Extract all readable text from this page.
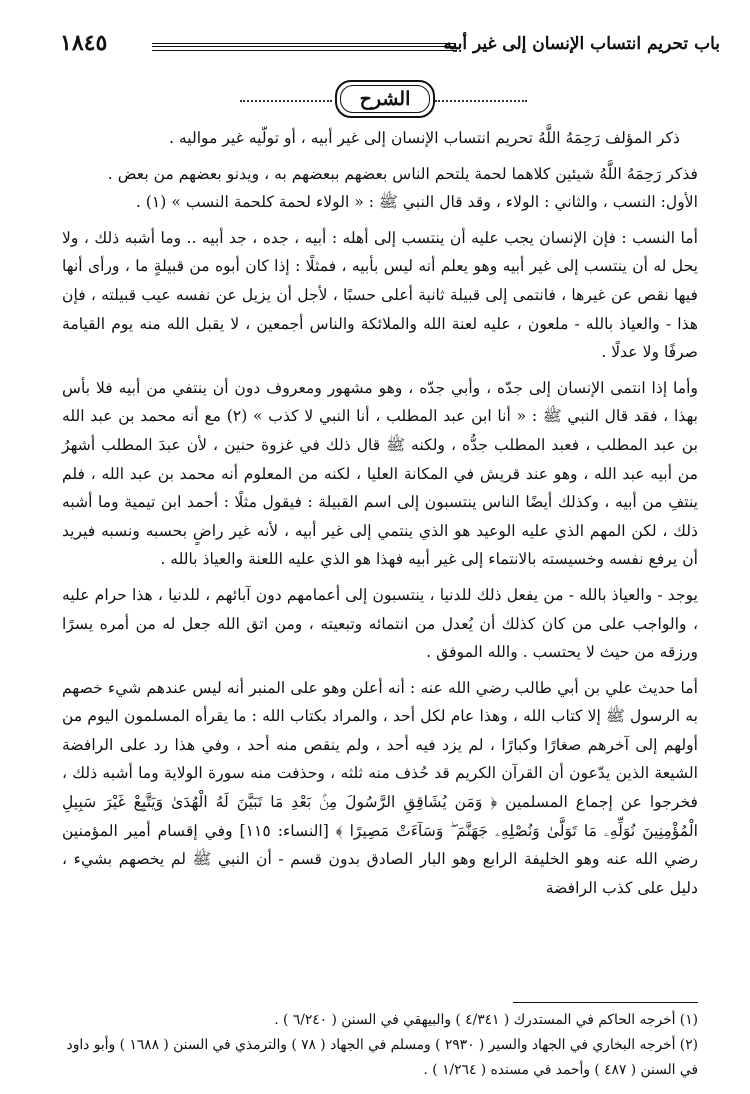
باب تحريم انتساب الإنسان إلى غير أبيه
١٨٤٥
الشرح

ذكر المؤلف رَحِمَهُ اللَّهُ تحريم انتساب الإنسان إلى غير أبيه ، أو تولّيه غير مواليه .

فذكر رَحِمَهُ اللَّهُ شيئين كلاهما لحمة يلتحم الناس بعضهم ببعضهم به ، ويدنو بعضهم من بعض .

الأول: النسب ، والثاني : الولاء ، وقد قال النبي ﷺ : « الولاء لحمة كلحمة النسب » (١) .

أما النسب : فإن الإنسان يجب عليه أن ينتسب إلى أهله : أبيه ، جده ، جد أبيه .. وما أشبه ذلك ، ولا يحل له أن ينتسب إلى غير أبيه وهو يعلم أنه ليس بأبيه ، فمثلًا : إذا كان أبوه من قبيلةٍ ما ، ورأى أنها فيها نقص عن غيرها ، فانتمى إلى قبيلة ثانية أعلى حسبًا ، لأجل أن يزيل عن نفسه عيب قبيلته ، فإن هذا - والعياذ بالله - ملعون ، عليه لعنة الله والملائكة والناس أجمعين ، لا يقبل الله منه يوم القيامة صرفًا ولا عدلًا .

وأما إذا انتمى الإنسان إلى جدّه ، وأبي جدّه ، وهو مشهور ومعروف دون أن ينتفي من أبيه فلا بأس بهذا ، فقد قال النبي ﷺ : « أنا ابن عبد المطلب ، أنا النبي لا كذب » (٢) مع أنه محمد بن عبد الله بن عبد المطلب ، فعبد المطلب جدُّه ، ولكنه ﷺ قال ذلك في غزوة حنين ، لأن عبدَ المطلب أشهرُ من أبيه عبد الله ، وهو عند قريش في المكانة العليا ، لكنه من المعلوم أنه محمد بن عبد الله ، فلم ينتفِ من أبيه ، وكذلك أيضًا الناس ينتسبون إلى اسم القبيلة : فيقول مثلًا : أحمد ابن تيمية وما أشبه ذلك ، لكن المهم الذي عليه الوعيد هو الذي ينتمي إلى غير أبيه ، لأنه غير راضٍ بحسبه ونسبه فيريد أن يرفع نفسه وخسيسته بالانتماء إلى غير أبيه فهذا هو الذي عليه اللعنة والعياذ بالله .

يوجد - والعياذ بالله - من يفعل ذلك للدنيا ، ينتسبون إلى أعمامهم دون آبائهم ، للدنيا ، هذا حرام عليه ، والواجب على من كان كذلك أن يُعدل من انتمائه وتبعيته ، ومن اتق الله جعل له من أمره يسرًا ورزقه من حيث لا يحتسب . والله الموفق .

أما حديث علي بن أبي طالب رضي الله عنه : أنه أعلن وهو على المنبر أنه ليس عندهم شيء خصهم به الرسول ﷺ إلا كتاب الله ، وهذا عام لكل أحد ، والمراد بكتاب الله : ما يقرأه المسلمون اليوم من أولهم إلى آخرهم صغارًا وكبارًا ، لم يزد فيه أحد ، ولم ينقص منه أحد ، وفي هذا رد على الرافضة الشيعة الذين يدّعون أن القرآن الكريم قد حُذف منه ثلثه ، وحذفت منه سورة الولاية وما أشبه ذلك ، فخرجوا عن إجماع المسلمين ﴿ وَمَن يُشَاقِقِ الرَّسُولَ مِنۢ بَعْدِ مَا تَبَيَّنَ لَهُ الْهُدَىٰ وَيَتَّبِعْ غَيْرَ سَبِيلِ الْمُؤْمِنِينَ نُوَلِّهِۦ مَا تَوَلَّىٰ وَنُصْلِهِۦ جَهَنَّمَ ۖ وَسَآءَتْ مَصِيرًا ﴾ [النساء: ١١٥] وفي إقسام أمير المؤمنين رضي الله عنه وهو الخليفة الرابع وهو البار الصادق بدون قسم - أن النبي ﷺ لم يخصهم بشيء ، دليل على كذب الرافضة

(١) أخرجه الحاكم في المستدرك ( ٤/٣٤١ ) والبيهقي في السنن ( ٦/٢٤٠ ) .

(٢) أخرجه البخاري في الجهاد والسير ( ٢٩٣٠ ) ومسلم في الجهاد ( ٧٨ ) والترمذي في السنن ( ١٦٨٨ ) وأبو داود في السنن ( ٤٨٧ ) وأحمد في مسنده ( ١/٢٦٤ ) .
